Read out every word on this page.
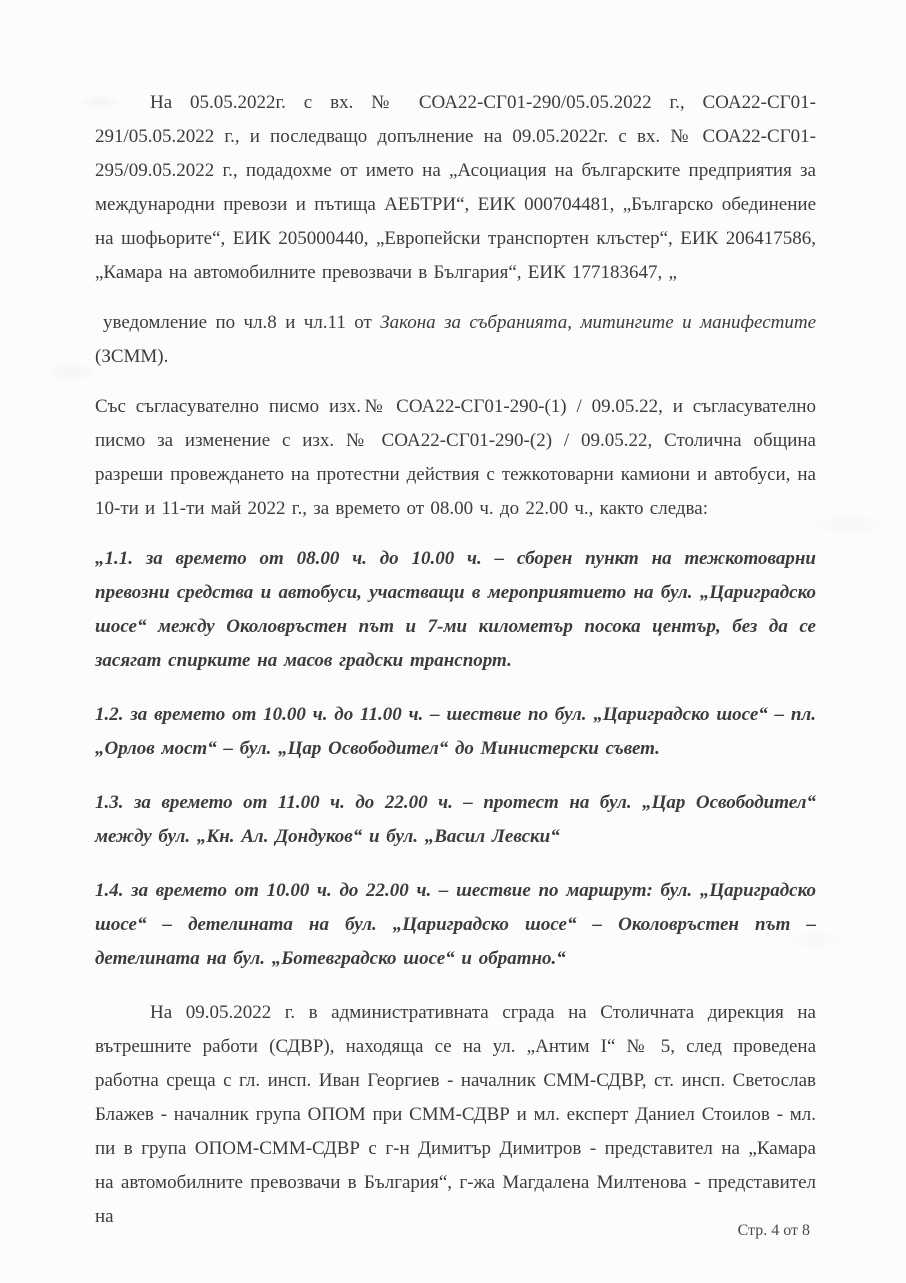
На 05.05.2022г. с вх. № СОА22-СГ01-290/05.05.2022 г., СОА22-СГ01-291/05.05.2022 г., и последващо допълнение на 09.05.2022г. с вх. № СОА22-СГ01-295/09.05.2022 г., подадохме от името на „Асоциация на българските предприятия за международни превози и пътища АЕБТРИ“, ЕИК 000704481, „Българско обединение на шофьорите“, ЕИК 205000440, „Европейски транспортен клъстер“, ЕИК 206417586, „Камара на автомобилните превозвачи в България“, ЕИК 177183647, „

уведомление по чл.8 и чл.11 от Закона за събранията, митингите и манифестите (ЗСММ).

Със съгласувателно писмо изх.№ СОА22-СГ01-290-(1) / 09.05.22, и съгласувателно писмо за изменение с изх. № СОА22-СГ01-290-(2) / 09.05.22, Столична община разреши провеждането на протестни действия с тежкотоварни камиони и автобуси, на 10-ти и 11-ти май 2022 г., за времето от 08.00 ч. до 22.00 ч., както следва:

„1.1. за времето от 08.00 ч. до 10.00 ч. – сборен пункт на тежкотоварни превозни средства и автобуси, участващи в мероприятието на бул. „Цариградско шосе“ между Околовръстен път и 7-ми километър посока център, без да се засягат спирките на масов градски транспорт.

1.2. за времето от 10.00 ч. до 11.00 ч. – шествие по бул. „Цариградско шосе“ – пл. „Орлов мост“ – бул. „Цар Освободител“ до Министерски съвет.

1.3. за времето от 11.00 ч. до 22.00 ч. – протест на бул. „Цар Освободител“ между бул. „Кн. Ал. Дондуков“ и бул. „Васил Левски“

1.4. за времето от 10.00 ч. до 22.00 ч. – шествие по маршрут: бул. „Цариградско шосе“ – детелината на бул. „Цариградско шосе“ – Околовръстен път – детелината на бул. „Ботевградско шосе“ и обратно.“

На 09.05.2022 г. в административната сграда на Столичната дирекция на вътрешните работи (СДВР), находяща се на ул. „Антим I“ № 5, след проведена работна среща с гл. инсп. Иван Георгиев - началник СММ-СДВР, ст. инсп. Светослав Блажев - началник група ОПОМ при СММ-СДВР и мл. експерт Даниел Стоилов - мл. пи в група ОПОМ-СММ-СДВР с г-н Димитър Димитров - представител на „Камара на автомобилните превозвачи в България“, г-жа Магдалена Милтенова - представител на

Стр. 4 от 8
